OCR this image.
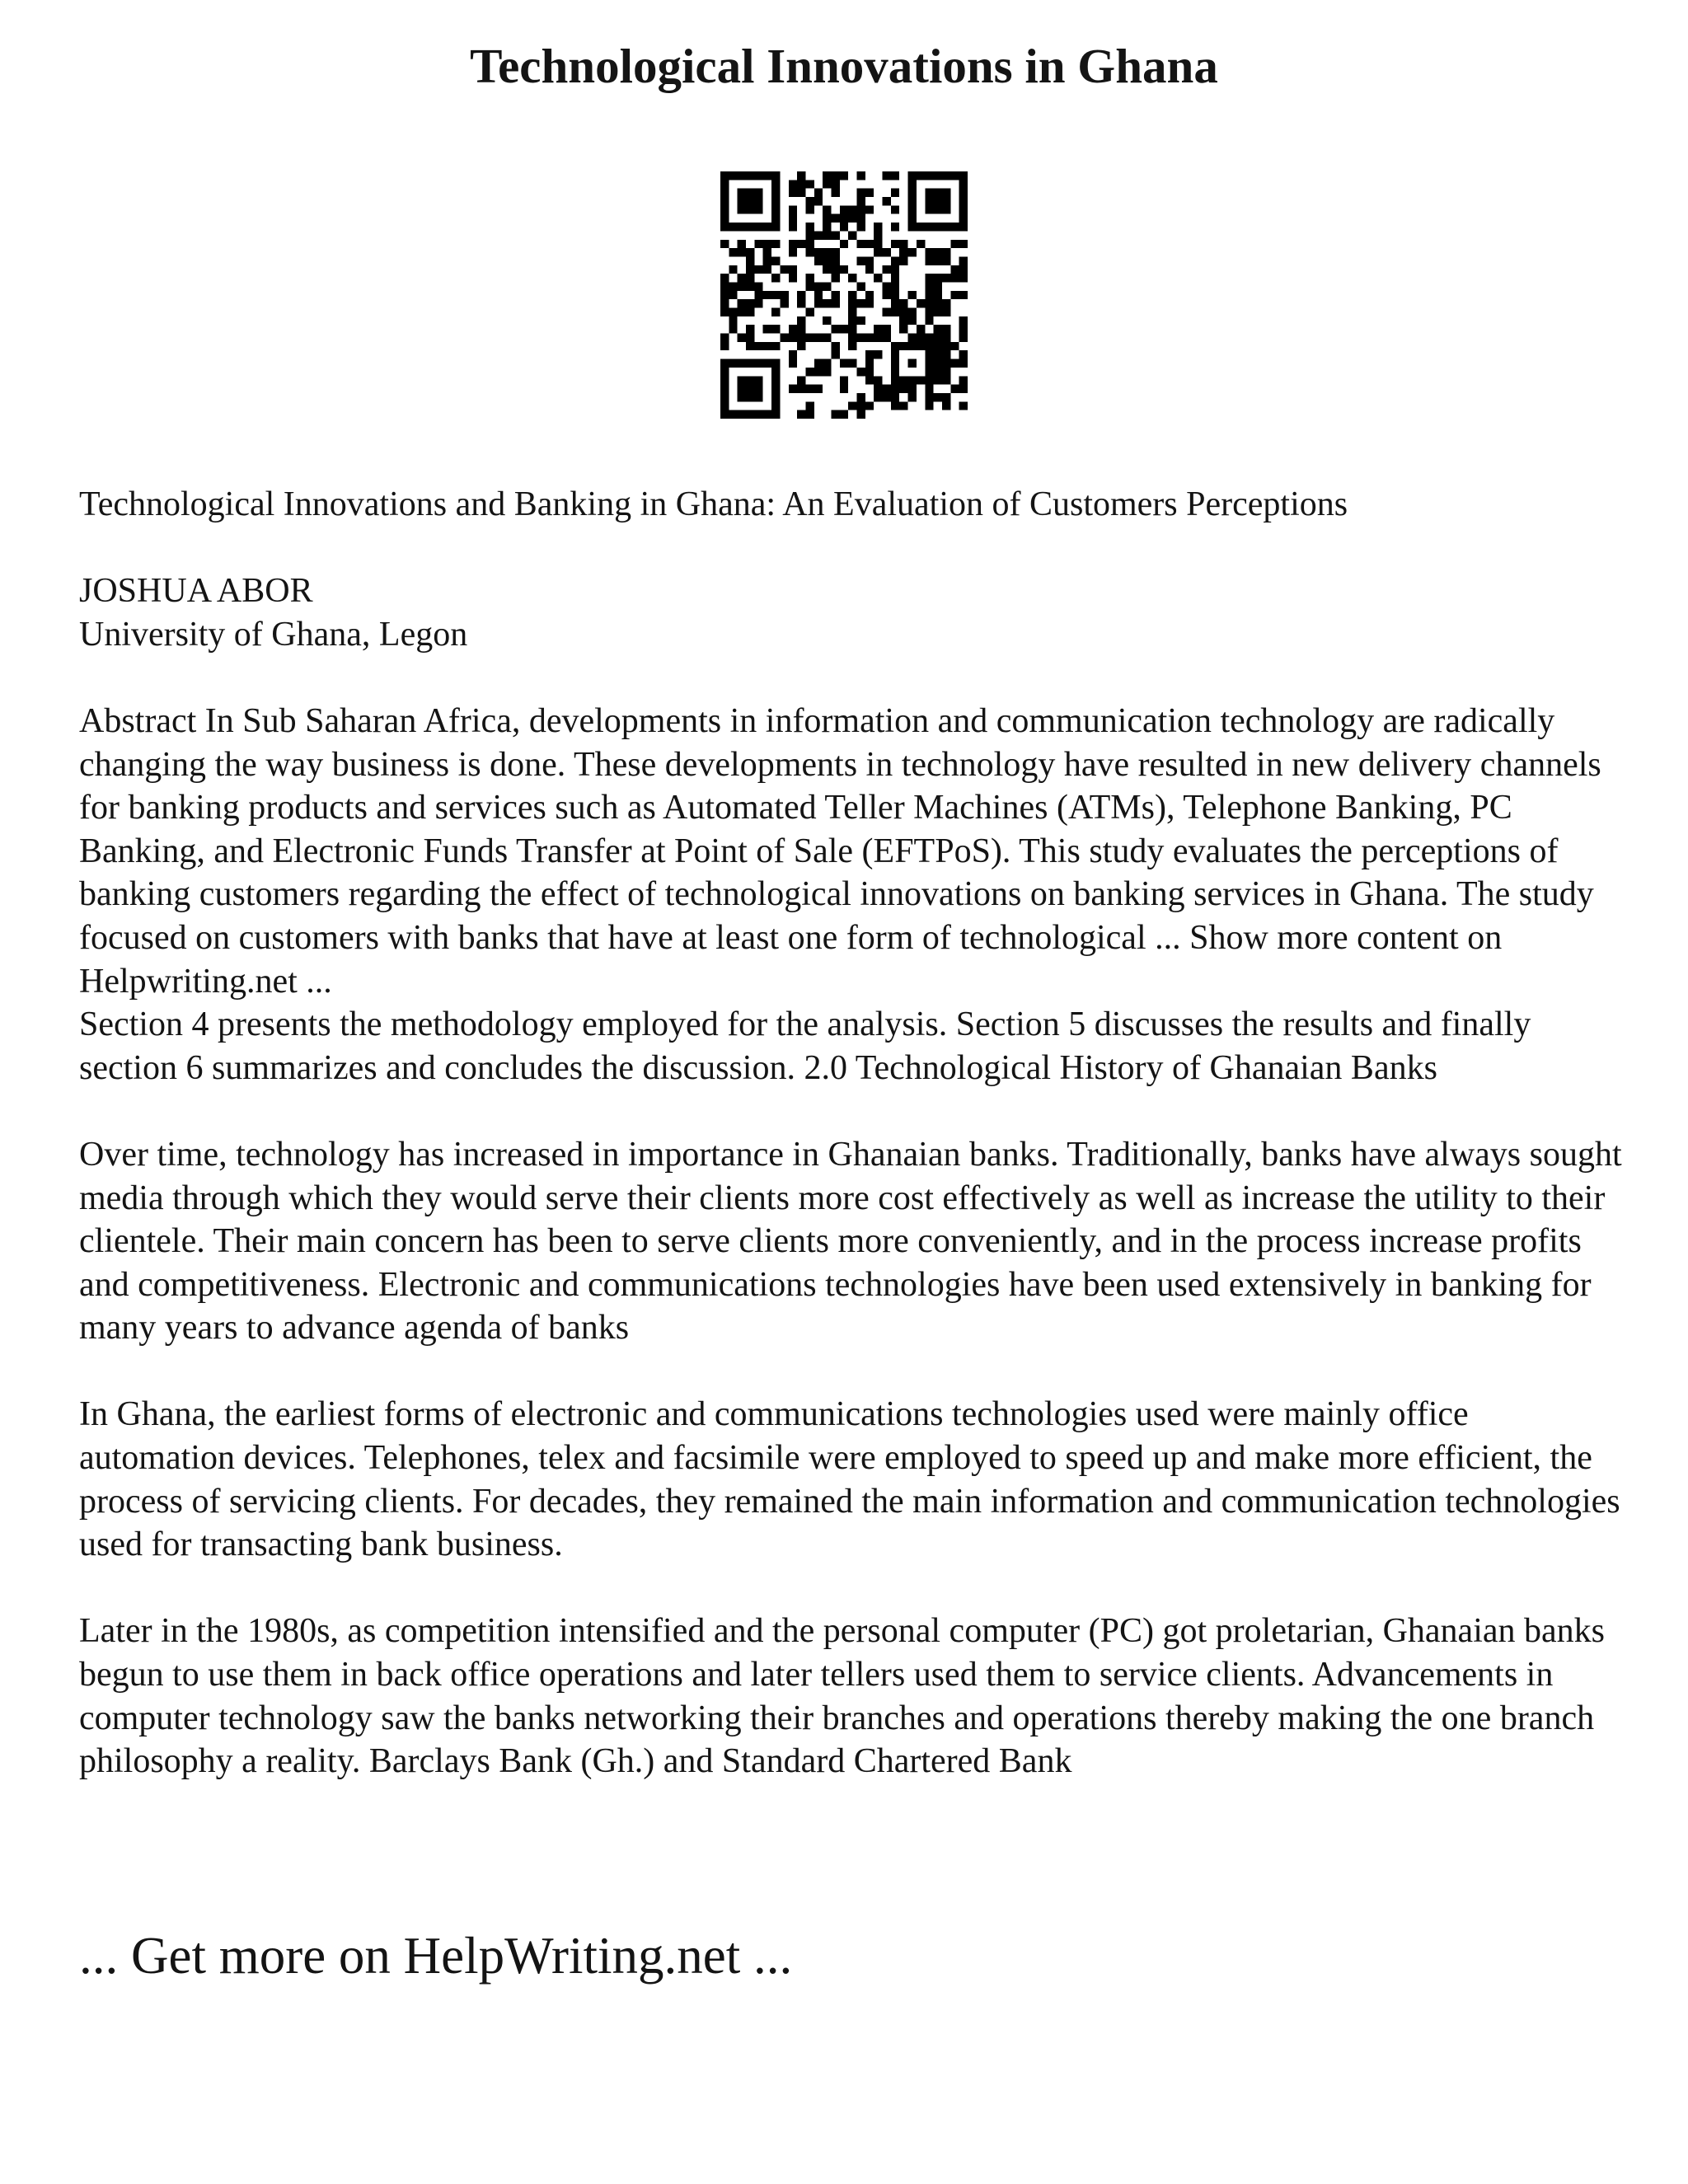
Technological Innovations in Ghana

Technological Innovations and Banking in Ghana: An Evaluation of Customers Perceptions

JOSHUA ABOR

University of Ghana, Legon

Abstract In Sub Saharan Africa, developments in information and communication technology are radically changing the way business is done. These developments in technology have resulted in new delivery channels for banking products and services such as Automated Teller Machines (ATMs), Telephone Banking, PC Banking, and Electronic Funds Transfer at Point of Sale (EFTPoS). This study evaluates the perceptions of banking customers regarding the effect of technological innovations on banking services in Ghana. The study focused on customers with banks that have at least one form of technological ... Show more content on Helpwriting.net ...

Section 4 presents the methodology employed for the analysis. Section 5 discusses the results and finally section 6 summarizes and concludes the discussion. 2.0 Technological History of Ghanaian Banks

Over time, technology has increased in importance in Ghanaian banks. Traditionally, banks have always sought media through which they would serve their clients more cost effectively as well as increase the utility to their clientele. Their main concern has been to serve clients more conveniently, and in the process increase profits and competitiveness. Electronic and communications technologies have been used extensively in banking for many years to advance agenda of banks

In Ghana, the earliest forms of electronic and communications technologies used were mainly office automation devices. Telephones, telex and facsimile were employed to speed up and make more efficient, the process of servicing clients. For decades, they remained the main information and communication technologies used for transacting bank business.

Later in the 1980s, as competition intensified and the personal computer (PC) got proletarian, Ghanaian banks begun to use them in back office operations and later tellers used them to service clients. Advancements in computer technology saw the banks networking their branches and operations thereby making the one branch philosophy a reality. Barclays Bank (Gh.) and Standard Chartered Bank

... Get more on HelpWriting.net ...
